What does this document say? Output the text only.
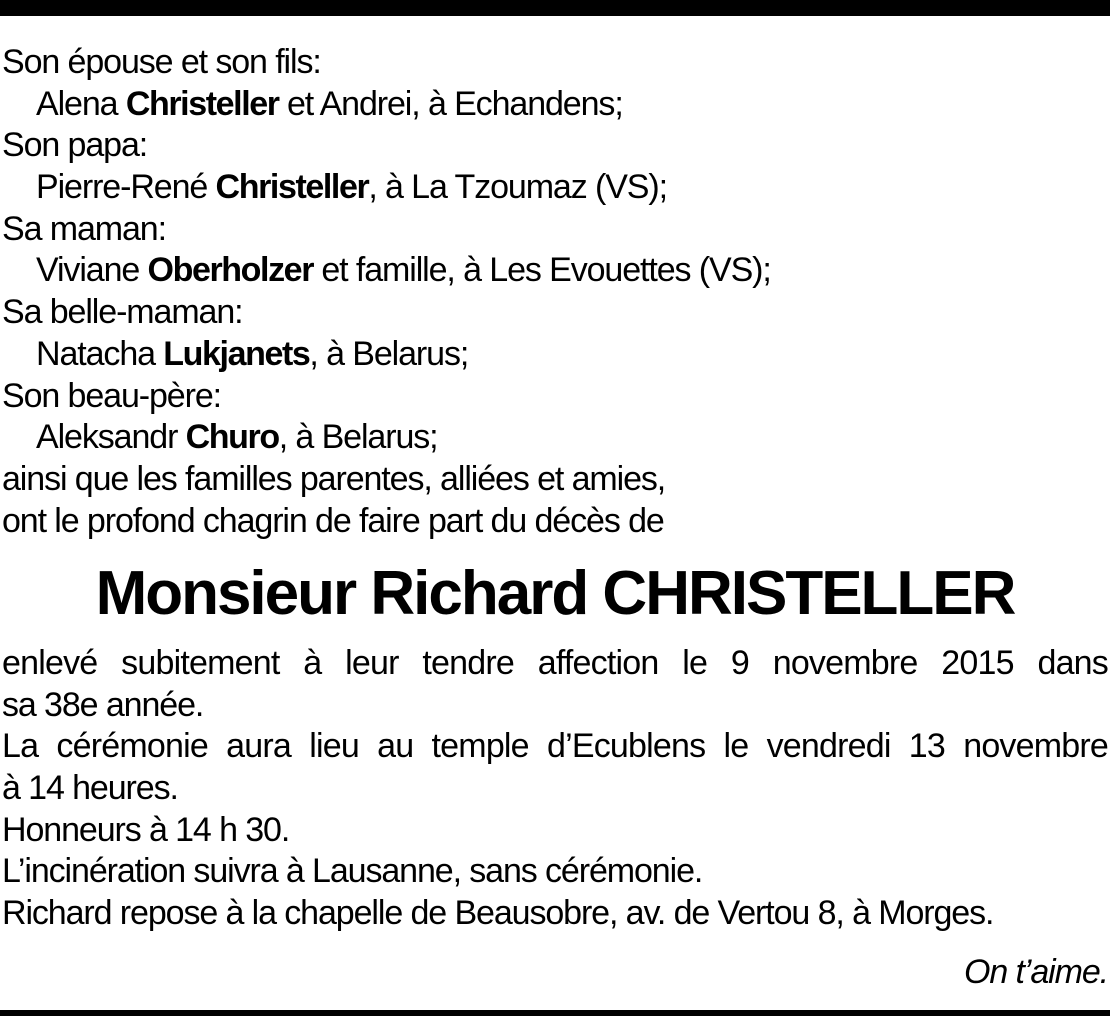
Son épouse et son fils:
Alena Christeller et Andrei, à Echandens;
Son papa:
Pierre-René Christeller, à La Tzoumaz (VS);
Sa maman:
Viviane Oberholzer et famille, à Les Evouettes (VS);
Sa belle-maman:
Natacha Lukjanets, à Belarus;
Son beau-père:
Aleksandr Churo, à Belarus;
ainsi que les familles parentes, alliées et amies,
ont le profond chagrin de faire part du décès de
Monsieur Richard CHRISTELLER
enlevé subitement à leur tendre affection le 9 novembre 2015 dans
sa 38e année.
La cérémonie aura lieu au temple d’Ecublens le vendredi 13 novembre
à 14 heures.
Honneurs à 14 h 30.
L’incinération suivra à Lausanne, sans cérémonie.
Richard repose à la chapelle de Beausobre, av. de Vertou 8, à Morges.
On t’aime.
